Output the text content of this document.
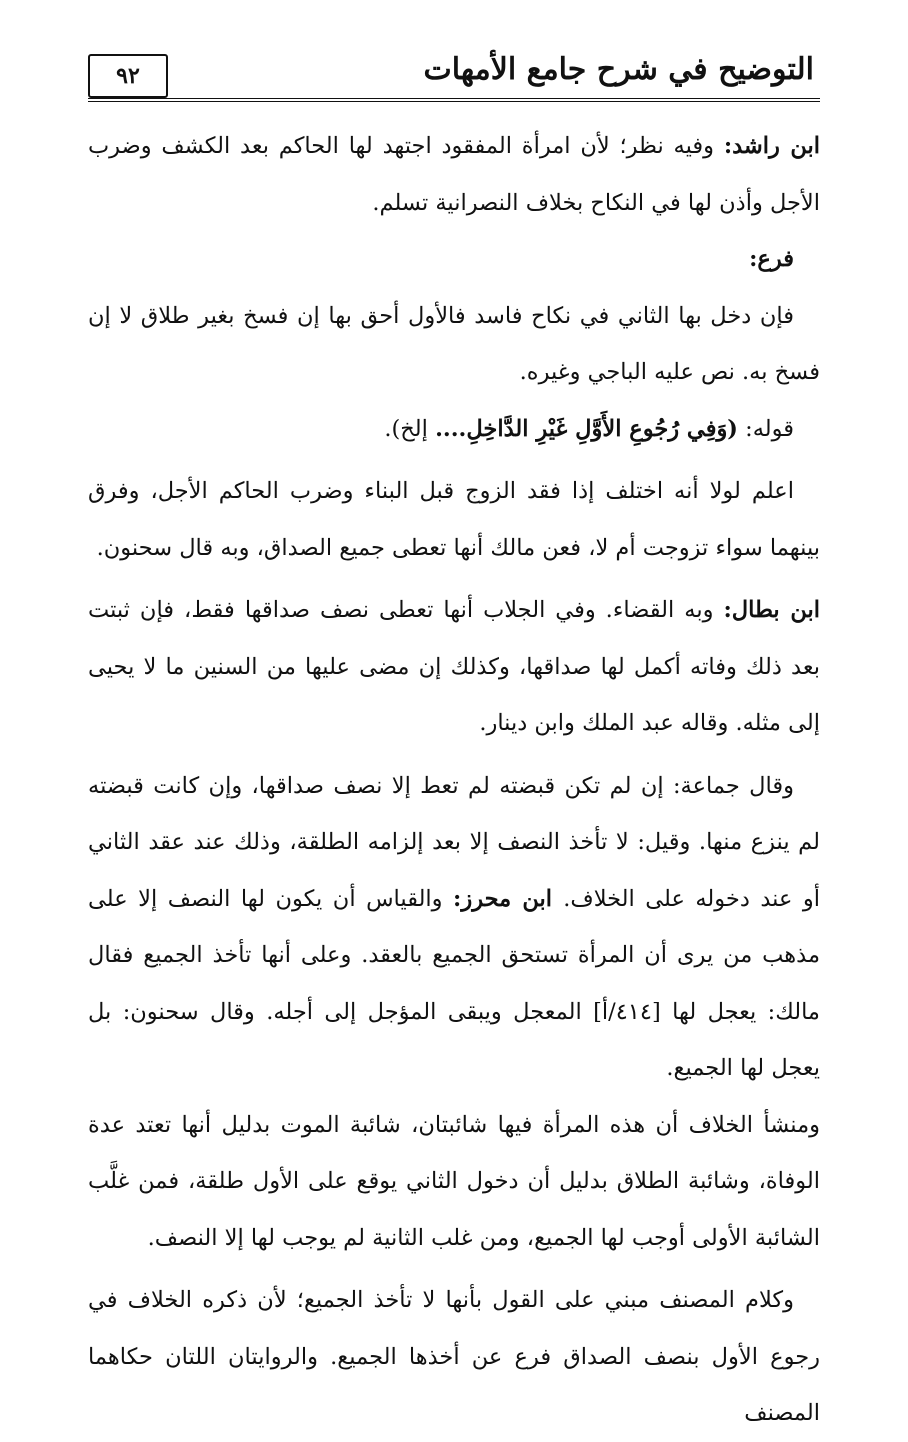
٩٢	التوضيح في شرح جامع الأمهات

ابن راشد: وفيه نظر؛ لأن امرأة المفقود اجتهد لها الحاكم بعد الكشف وضرب الأجل وأذن لها في النكاح بخلاف النصرانية تسلم.

فرع:

فإن دخل بها الثاني في نكاح فاسد فالأول أحق بها إن فسخ بغير طلاق لا إن فسخ به. نص عليه الباجي وغيره.

قوله: (وَفِي رُجُوعِ الأَوَّلِ غَيْرِ الدَّاخِلِ.... إلخ).

اعلم لولا أنه اختلف إذا فقد الزوج قبل البناء وضرب الحاكم الأجل، وفرق بينهما سواء تزوجت أم لا، فعن مالك أنها تعطى جميع الصداق، وبه قال سحنون.

ابن بطال: وبه القضاء. وفي الجلاب أنها تعطى نصف صداقها فقط، فإن ثبتت بعد ذلك وفاته أكمل لها صداقها، وكذلك إن مضى عليها من السنين ما لا يحيى إلى مثله. وقاله عبد الملك وابن دينار.

وقال جماعة: إن لم تكن قبضته لم تعط إلا نصف صداقها، وإن كانت قبضته لم ينزع منها. وقيل: لا تأخذ النصف إلا بعد إلزامه الطلقة، وذلك عند عقد الثاني أو عند دخوله على الخلاف. ابن محرز: والقياس أن يكون لها النصف إلا على مذهب من يرى أن المرأة تستحق الجميع بالعقد. وعلى أنها تأخذ الجميع فقال مالك: يعجل لها [٤١٤/أ] المعجل ويبقى المؤجل إلى أجله. وقال سحنون: بل يعجل لها الجميع.

ومنشأ الخلاف أن هذه المرأة فيها شائبتان، شائبة الموت بدليل أنها تعتد عدة الوفاة، وشائبة الطلاق بدليل أن دخول الثاني يوقع على الأول طلقة، فمن غلَّب الشائبة الأولى أوجب لها الجميع، ومن غلب الثانية لم يوجب لها إلا النصف.

وكلام المصنف مبني على القول بأنها لا تأخذ الجميع؛ لأن ذكره الخلاف في رجوع الأول بنصف الصداق فرع عن أخذها الجميع. والروايتان اللتان حكاهما المصنف
